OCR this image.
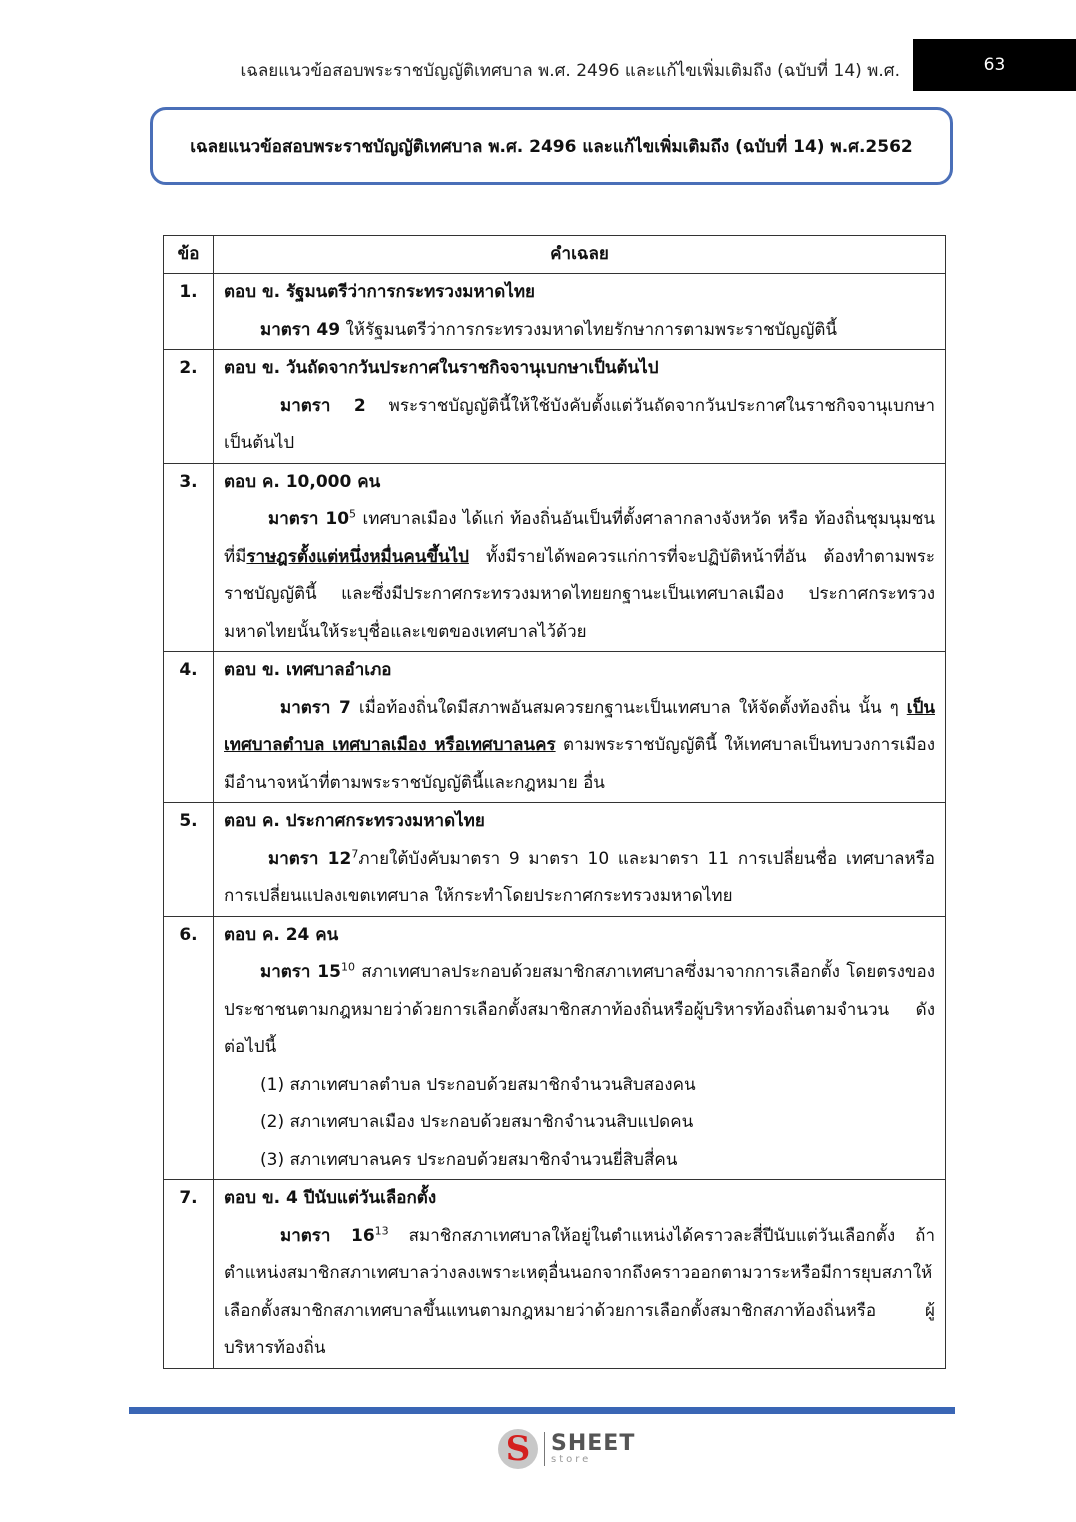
เฉลยแนวข้อสอบพระราชบัญญัติเทศบาล พ.ศ. 2496 และแก้ไขเพิ่มเติมถึง (ฉบับที่ 14) พ.ศ.	63
เฉลยแนวข้อสอบพระราชบัญญัติเทศบาล พ.ศ. 2496 และแก้ไขเพิ่มเติมถึง (ฉบับที่ 14) พ.ศ.2562
ข้อ	คำเฉลย
1.	ตอบ ข. รัฐมนตรีว่าการกระทรวงมหาดไทย
มาตรา 49 ให้รัฐมนตรีว่าการกระทรวงมหาดไทยรักษาการตามพระราชบัญญัตินี้

2.	ตอบ ข. วันถัดจากวันประกาศในราชกิจจานุเบกษาเป็นต้นไป
มาตรา 2 พระราชบัญญัตินี้ให้ใช้บังคับตั้งแต่วันถัดจากวันประกาศในราชกิจจานุเบกษาเป็นต้นไป

3.	ตอบ ค. 10,000 คน
มาตรา $10^5$ เทศบาลเมือง ได้แก่ ท้องถิ่นอันเป็นที่ตั้งศาลากลางจังหวัด หรือ ท้องถิ่นชุมนุมชนที่มีราษฎรตั้งแต่หนึ่งหมื่นคนขึ้นไป ทั้งมีรายได้พอควรแก่การที่จะปฏิบัติหน้าที่อัน ต้องทำตามพระราชบัญญัตินี้ และซึ่งมีประกาศกระทรวงมหาดไทยยกฐานะเป็นเทศบาลเมือง ประกาศกระทรวงมหาดไทยนั้นให้ระบุชื่อและเขตของเทศบาลไว้ด้วย

4.	ตอบ ข. เทศบาลอำเภอ
มาตรา 7 เมื่อท้องถิ่นใดมีสภาพอันสมควรยกฐานะเป็นเทศบาล ให้จัดตั้งท้องถิ่น นั้น ๆ เป็นเทศบาลตำบล เทศบาลเมือง หรือเทศบาลนคร ตามพระราชบัญญัตินี้ ให้เทศบาลเป็นทบวงการเมือง มีอำนาจหน้าที่ตามพระราชบัญญัตินี้และกฎหมาย อื่น

5.	ตอบ ค. ประกาศกระทรวงมหาดไทย
มาตรา $12^7$ภายใต้บังคับมาตรา 9 มาตรา 10 และมาตรา 11 การเปลี่ยนชื่อ เทศบาลหรือการเปลี่ยนแปลงเขตเทศบาล ให้กระทำโดยประกาศกระทรวงมหาดไทย

6.	ตอบ ค. 24 คน
มาตรา $15^{10}$ สภาเทศบาลประกอบด้วยสมาชิกสภาเทศบาลซึ่งมาจากการเลือกตั้ง โดยตรงของประชาชนตามกฎหมายว่าด้วยการเลือกตั้งสมาชิกสภาท้องถิ่นหรือผู้บริหารท้องถิ่นตามจำนวน ดังต่อไปนี้
(1) สภาเทศบาลตำบล ประกอบด้วยสมาชิกจำนวนสิบสองคน
(2) สภาเทศบาลเมือง ประกอบด้วยสมาชิกจำนวนสิบแปดคน
(3) สภาเทศบาลนคร ประกอบด้วยสมาชิกจำนวนยี่สิบสี่คน

7.	ตอบ ข. 4 ปีนับแต่วันเลือกตั้ง
มาตรา $16^{13}$ สมาชิกสภาเทศบาลให้อยู่ในตำแหน่งได้คราวละสี่ปีนับแต่วันเลือกตั้ง ถ้าตำแหน่งสมาชิกสภาเทศบาลว่างลงเพราะเหตุอื่นนอกจากถึงคราวออกตามวาระหรือมีการยุบสภาให้เลือกตั้งสมาชิกสภาเทศบาลขึ้นแทนตามกฎหมายว่าด้วยการเลือกตั้งสมาชิกสภาท้องถิ่นหรือ ผู้บริหารท้องถิ่น
S SHEET
store
